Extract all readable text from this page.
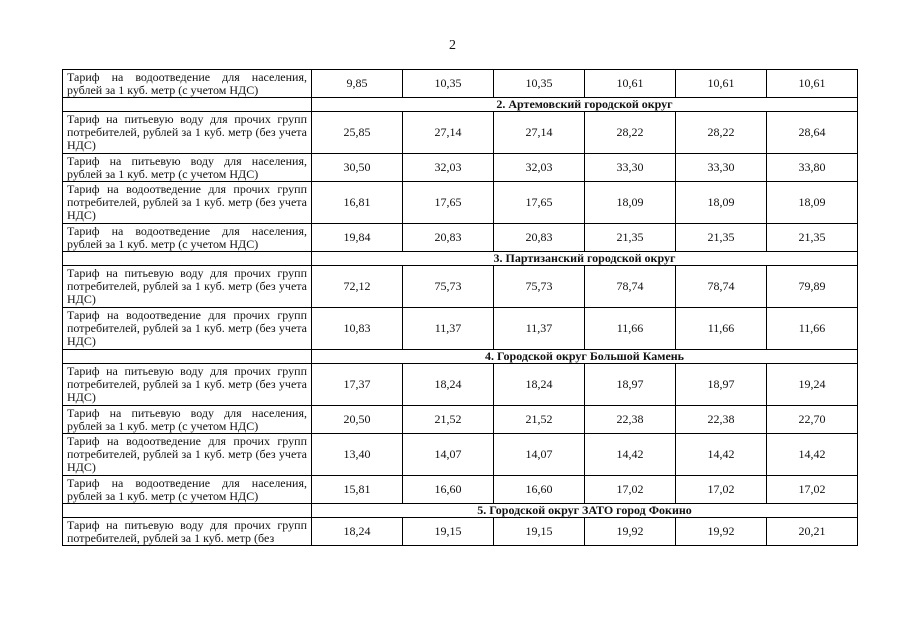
2
Тариф на водоотведение для населения, рублей за 1 куб. метр (с учетом НДС)	9,85	10,35	10,35	10,61	10,61	10,61
	2. Артемовский городской округ					
Тариф на питьевую воду для прочих групп потребителей, рублей за 1 куб. метр (без учета НДС)	25,85	27,14	27,14	28,22	28,22	28,64
Тариф на питьевую воду для населения, рублей за 1 куб. метр (с учетом НДС)	30,50	32,03	32,03	33,30	33,30	33,80
Тариф на водоотведение для прочих групп потребителей, рублей за 1 куб. метр (без учета НДС)	16,81	17,65	17,65	18,09	18,09	18,09
Тариф на водоотведение для населения, рублей за 1 куб. метр (с учетом НДС)	19,84	20,83	20,83	21,35	21,35	21,35
	3. Партизанский городской округ					
Тариф на питьевую воду для прочих групп потребителей, рублей за 1 куб. метр (без учета НДС)	72,12	75,73	75,73	78,74	78,74	79,89
Тариф на водоотведение для прочих групп потребителей, рублей за 1 куб. метр (без учета НДС)	10,83	11,37	11,37	11,66	11,66	11,66
	4. Городской округ Большой Камень					
Тариф на питьевую воду для прочих групп потребителей, рублей за 1 куб. метр (без учета НДС)	17,37	18,24	18,24	18,97	18,97	19,24
Тариф на питьевую воду для населения, рублей за 1 куб. метр (с учетом НДС)	20,50	21,52	21,52	22,38	22,38	22,70
Тариф на водоотведение для прочих групп потребителей, рублей за 1 куб. метр (без учета НДС)	13,40	14,07	14,07	14,42	14,42	14,42
Тариф на водоотведение для населения, рублей за 1 куб. метр (с учетом НДС)	15,81	16,60	16,60	17,02	17,02	17,02
	5. Городской округ ЗАТО город Фокино					
Тариф на питьевую воду для прочих групп потребителей, рублей за 1 куб. метр (без	18,24	19,15	19,15	19,92	19,92	20,21
